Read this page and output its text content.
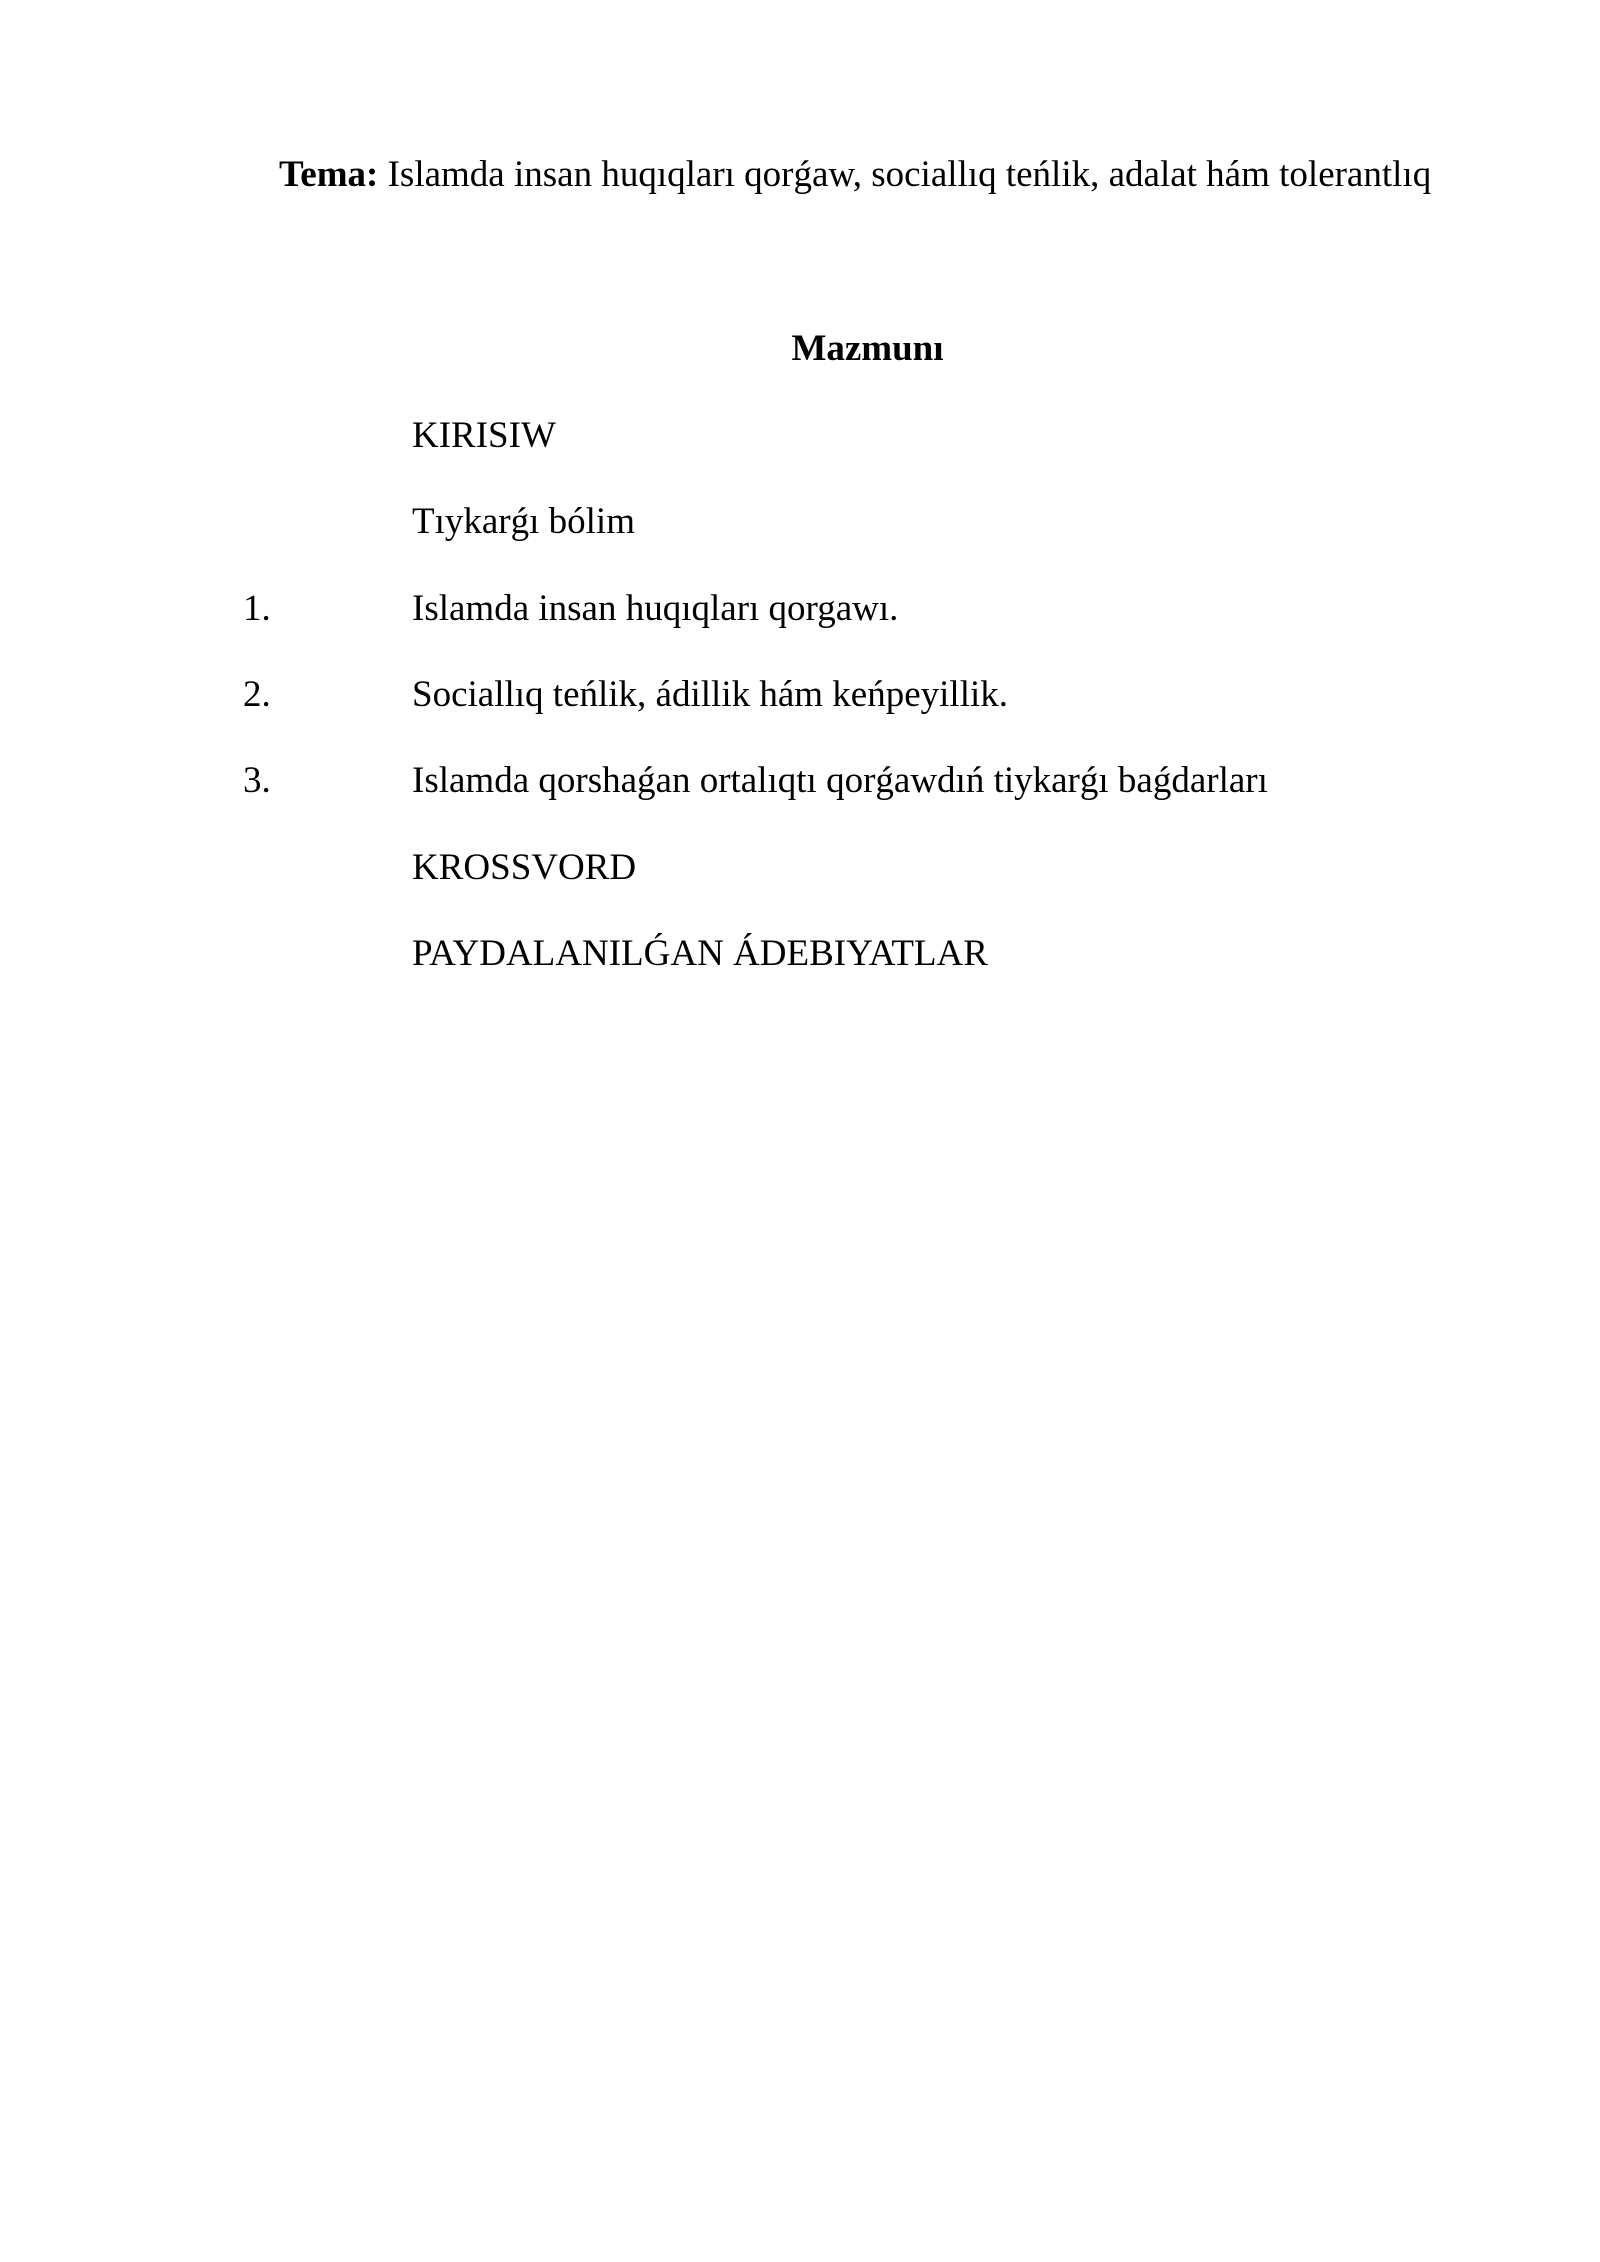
Tema: Islamda insan huqıqları qorǵaw, sociallıq teńlik, adalat hám tolerantlıq
Mazmunı
KIRISIW
Tıykarǵı bólim
1.	Islamda insan huqıqları qorgawı.
2.	Sociallıq teńlik, ádillik hám keńpeyillik.
3.	Islamda qorshaǵan ortalıqtı qorǵawdıń tiykarǵı baǵdarları
KROSSVORD
PAYDALANILǴAN ÁDEBIYATLAR
